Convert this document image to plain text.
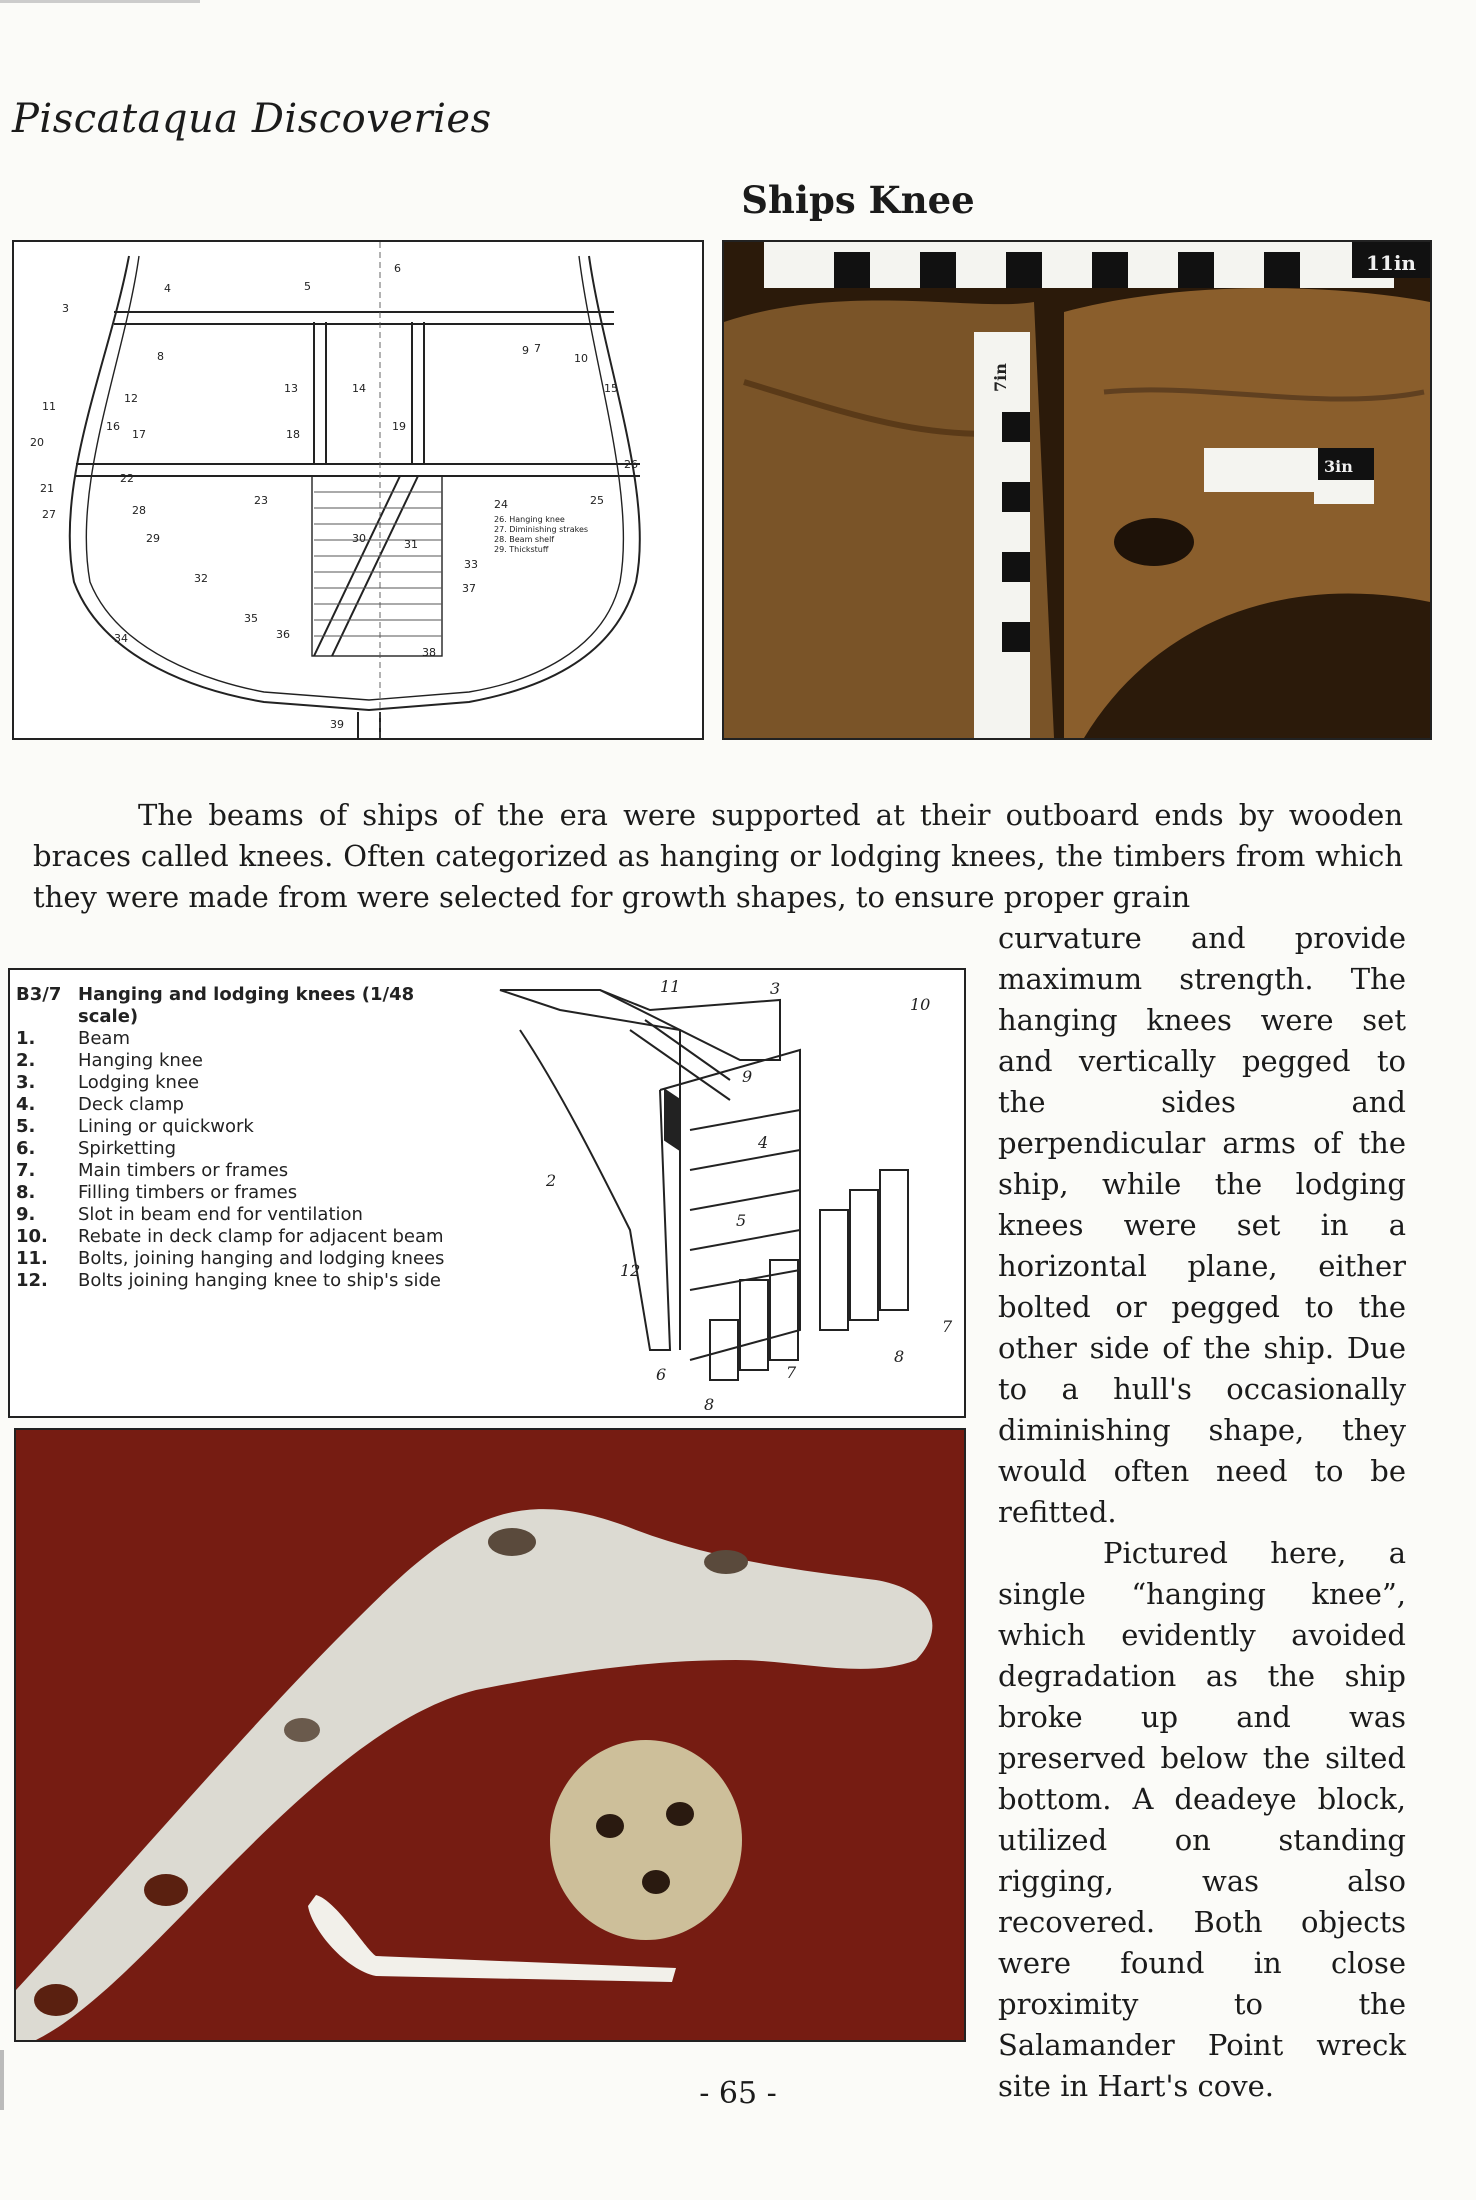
Piscataqua Discoveries
Ships Knee
3
4	5
6
7
8	9
10
11
12
13	14	15
16
17	18
19
20
21
22
23	24	25
26
27	28
29	30	31
32
33
34
35
36
37
38
39
26. Hanging knee
27. Diminishing strakes
28. Beam shelf
29. Thickstuff
11in
7in
3in
The beams of ships of the era were supported at their outboard ends by wooden braces called knees. Often categorized as hanging or lodging knees, the timbers from which they were made from were selected for growth shapes, to ensure proper grain
B3/7 Hanging and lodging knees (1/48 scale)
1.	Beam
2.	Hanging knee
3.	Lodging knee
4.	Deck clamp
5.	Lining or quickwork
6.	Spirketting
7.	Main timbers or frames
8.	Filling timbers or frames
9.	Slot in beam end for ventilation
10.	Rebate in deck clamp for adjacent beam
11.	Bolts, joining hanging and lodging knees
12.	Bolts joining hanging knee to ship's side
11	3
10
9
4
2
5
12
7
6	7
8
8

curvature and provide maximum strength. The hanging knees were set and vertically pegged to the sides and perpendicular arms of the ship, while the lodging knees were set in a horizontal plane, either bolted or pegged to the other side of the ship. Due to a hull's occasionally diminishing shape, they would often need to be refitted.

Pictured here, a single “hanging knee”, which evidently avoided degradation as the ship broke up and was preserved below the silted bottom. A deadeye block, utilized on standing rigging, was also recovered. Both objects were found in close proximity to the Salamander Point wreck site in Hart's cove.

- 65 -
